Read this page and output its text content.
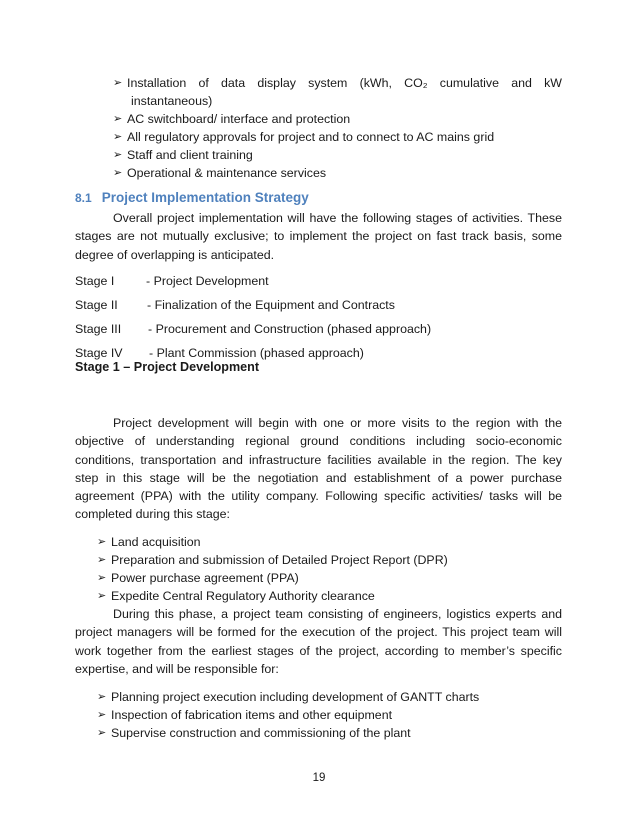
➢ Installation of data display system (kWh, CO₂ cumulative and kW
instantaneous)
➢ AC switchboard/ interface and protection
➢ All regulatory approvals for project and to connect to AC mains grid
➢ Staff and client training
➢ Operational & maintenance services
8.1 Project Implementation Strategy
Overall project implementation will have the following stages of activities. These
stages are not mutually exclusive; to implement the project on fast track basis, some
degree of overlapping is anticipated.
Stage I	- Project Development
Stage II - Finalization of the Equipment and Contracts
Stage III - Procurement and Construction (phased approach)
Stage IV - Plant Commission (phased approach)
Stage 1 – Project Development
Project development will begin with one or more visits to the region with the
objective of understanding regional ground conditions including socio-economic
conditions, transportation and infrastructure facilities available in the region. The key
step in this stage will be the negotiation and establishment of a power purchase
agreement (PPA) with the utility company. Following specific activities/ tasks will be
completed during this stage:
➢ Land acquisition
➢ Preparation and submission of Detailed Project Report (DPR)
➢ Power purchase agreement (PPA)
➢ Expedite Central Regulatory Authority clearance
During this phase, a project team consisting of engineers, logistics experts and
project managers will be formed for the execution of the project. This project team will
work together from the earliest stages of the project, according to member’s specific
expertise, and will be responsible for:
➢ Planning project execution including development of GANTT charts
➢ Inspection of fabrication items and other equipment
➢ Supervise construction and commissioning of the plant
19
